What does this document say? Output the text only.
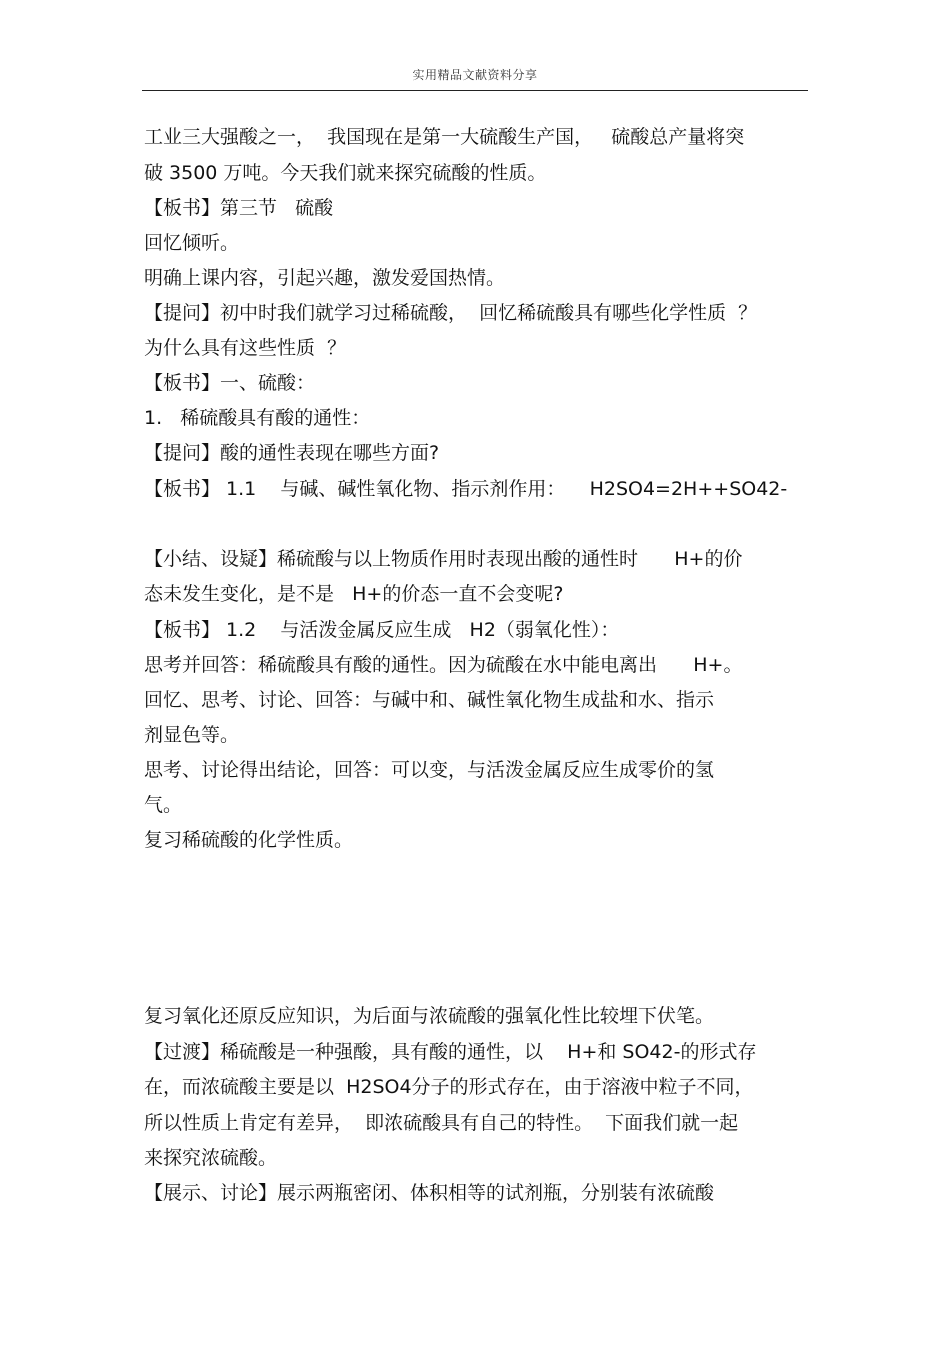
实用精品文献资料分享
工业三大强酸之一，  我国现在是第一大硫酸生产国，   硫酸总产量将突
破 3500 万吨。今天我们就来探究硫酸的性质。
【板书】第三节   硫酸
回忆倾听。
明确上课内容，引起兴趣，激发爱国热情。
【提问】初中时我们就学习过稀硫酸，  回忆稀硫酸具有哪些化学性质  ？
为什么具有这些性质  ？
【板书】一、硫酸：
1.   稀硫酸具有酸的通性：
【提问】酸的通性表现在哪些方面?
【板书】 1.1    与碱、碱性氧化物、指示剂作用：    H2SO4=2H++SO42-
【小结、设疑】稀硫酸与以上物质作用时表现出酸的通性时      H+的价
态未发生变化，是不是   H+的价态一直不会变呢?
【板书】 1.2    与活泼金属反应生成   H2（弱氧化性）：
思考并回答：稀硫酸具有酸的通性。因为硫酸在水中能电离出      H+。
回忆、思考、讨论、回答：与碱中和、碱性氧化物生成盐和水、指示
剂显色等。
思考、讨论得出结论，回答：可以变，与活泼金属反应生成零价的氢
气。
复习稀硫酸的化学性质。
复习氧化还原反应知识，为后面与浓硫酸的强氧化性比较埋下伏笔。
【过渡】稀硫酸是一种强酸，具有酸的通性，以    H+和 SO42-的形式存
在，而浓硫酸主要是以  H2SO4分子的形式存在，由于溶液中粒子不同，
所以性质上肯定有差异，  即浓硫酸具有自己的特性。  下面我们就一起
来探究浓硫酸。
【展示、讨论】展示两瓶密闭、体积相等的试剂瓶，分别装有浓硫酸
